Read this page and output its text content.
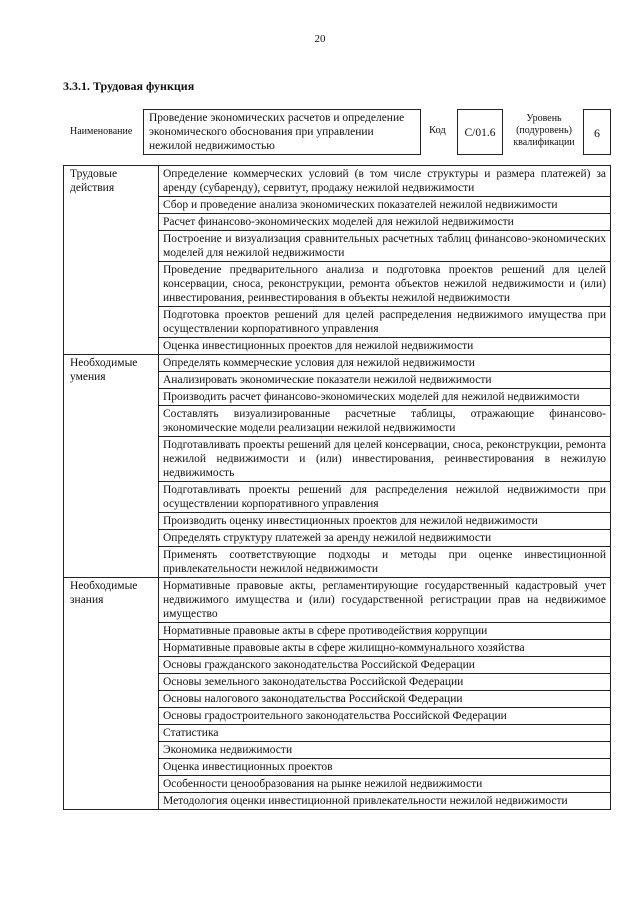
20
3.3.1. Трудовая функция
Наименование
Проведение экономических расчетов и определение экономического обоснования при управлении нежилой недвижимостью
Код	C/01.6
Уровень (подуровень) квалификации
6
Трудовые действия	Определение коммерческих условий (в том числе структуры и размера платежей) за аренду (субаренду), сервитут, продажу нежилой недвижимости
	Сбор и проведение анализа экономических показателей нежилой недвижимости
	Расчет финансово-экономических моделей для нежилой недвижимости
	Построение и визуализация сравнительных расчетных таблиц финансово-экономических моделей для нежилой недвижимости
	Проведение предварительного анализа и подготовка проектов решений для целей консервации, сноса, реконструкции, ремонта объектов нежилой недвижимости и (или) инвестирования, реинвестирования в объекты нежилой недвижимости
	Подготовка проектов решений для целей распределения недвижимого имущества при осуществлении корпоративного управления
	Оценка инвестиционных проектов для нежилой недвижимости
Необходимые умения	Определять коммерческие условия для нежилой недвижимости
	Анализировать экономические показатели нежилой недвижимости
	Производить расчет финансово-экономических моделей для нежилой недвижимости
	Составлять визуализированные расчетные таблицы, отражающие финансово-экономические модели реализации нежилой недвижимости
	Подготавливать проекты решений для целей консервации, сноса, реконструкции, ремонта нежилой недвижимости и (или) инвестирования, реинвестирования в нежилую недвижимость
	Подготавливать проекты решений для распределения нежилой недвижимости при осуществлении корпоративного управления
	Производить оценку инвестиционных проектов для нежилой недвижимости
	Определять структуру платежей за аренду нежилой недвижимости
	Применять соответствующие подходы и методы при оценке инвестиционной привлекательности нежилой недвижимости
Необходимые знания	Нормативные правовые акты, регламентирующие государственный кадастровый учет недвижимого имущества и (или) государственной регистрации прав на недвижимое имущество
	Нормативные правовые акты в сфере противодействия коррупции
	Нормативные правовые акты в сфере жилищно-коммунального хозяйства
	Основы гражданского законодательства Российской Федерации
	Основы земельного законодательства Российской Федерации
	Основы налогового законодательства Российской Федерации
	Основы градостроительного законодательства Российской Федерации
	Статистика
	Экономика недвижимости
	Оценка инвестиционных проектов
	Особенности ценообразования на рынке нежилой недвижимости
	Методология оценки инвестиционной привлекательности нежилой недвижимости
